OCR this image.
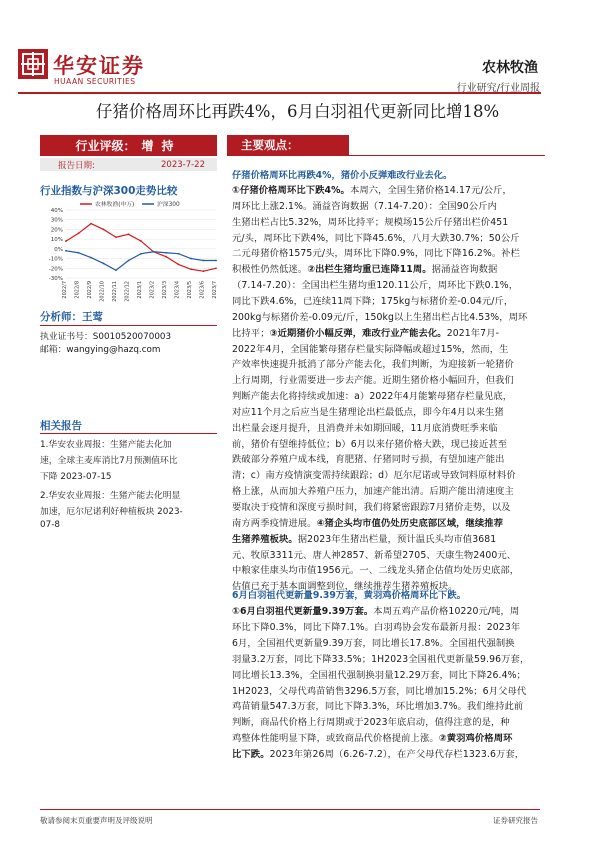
华安证券
HUAAN SECURITIES
农林牧渔
行业研究/行业周报
仔猪价格周环比再跌4%，6月白羽祖代更新同比增18%
行业评级： 增持
报告日期:	2023-7-22
行业指数与沪深300走势比较
40%
30%
20%
10%
0%
-10%
-20%
-30%
2022/7 2022/8 2022/9 2022/10 2022/11 2022/12 2023/1 2023/2 2023/3 2023/4 2023/5 2023/6 2023/7
农林牧渔(申万)	沪深300
分析师：王莺
执业证书号：S0010520070003
邮箱：wangying@hazq.com
相关报告
1.华安农业周报：生猪产能去化加
速，全球主麦库消比7月预测值环比
下降 2023-07-15
2.华安农业周报：生猪产能去化明显
加速，厄尔尼诺利好种植板块 2023-
07-8
主要观点：
仔猪价格周环比再跌4%，猪价小反弹难改行业去化。
①仔猪价格周环比下跌4%。本周六，全国生猪价格14.17元/公斤，
周环比上涨2.1%。涌益咨询数据（7.14-7.20）：全国90公斤内
生猪出栏占比5.32%，周环比持平；规模场15公斤仔猪出栏价451
元/头，周环比下跌4%，同比下降45.6%，八月大跌30.7%；50公斤
二元母猪价格1575元/头，周环比下降0.9%，同比下降16.2%。补栏
积极性仍然低迷。②出栏生猪均重已连降11周。据涌益咨询数据
（7.14-7.20）：全国出栏生猪均重120.11公斤，周环比下跌0.1%，
同比下跌4.6%，已连续11周下降；175kg与标猪价差-0.04元/斤，
200kg与标猪价差-0.09元/斤，150kg以上生猪出栏占比4.53%，周环
比持平；③近期猪价小幅反弹，难改行业产能去化。2021年7月-
2022年4月，全国能繁母猪存栏量实际降幅或超过15%，然而，生
产效率快速提升抵消了部分产能去化，我们判断，为迎接新一轮猪价
上行周期，行业需要进一步去产能。近期生猪价格小幅回升，但我们
判断产能去化将持续或加速：a）2022年4月能繁母猪存栏量见底，
对应11个月之后应当是生猪理论出栏最低点，即今年4月以来生猪
出栏量会逐月提升，且消费并未如期回暖，11月底消费旺季来临
前，猪价有望维持低位；b）6月以来仔猪价格大跌，现已接近甚至
跌破部分养殖户成本线，育肥猪、仔猪同时亏损，有望加速产能出
清；c）南方疫情演变需持续跟踪；d）厄尔尼诺或导致饲料原材料价
格上涨，从而加大养殖户压力，加速产能出清。后期产能出清速度主
要取决于疫情和深度亏损时间，我们将紧密跟踪7月猪价走势，以及
南方两季疫情进展。④猪企头均市值仍处历史底部区域，继续推荐
生猪养殖板块。据2023年生猪出栏量，预计温氏头均市值3681
元、牧原3311元、唐人神2857、新希望2705、天康生物2400元、
中粮家佳康头均市值1956元。一、二线龙头猪企估值均处历史底部，
估值已充于基本面调整到位，继续推荐生猪养殖板块。
6月白羽祖代更新量9.39万套，黄羽鸡价格周环比下跌。
①6月白羽祖代更新量9.39万套。本周五鸡产品价格10220元/吨，周
环比下降0.3%，同比下降7.1%。白羽鸡协会发布最新月报：2023年
6月，全国祖代更新量9.39万套，同比增长17.8%。全国祖代强制换
羽量3.2万套，同比下降33.5%；1H2023全国祖代更新量59.96万套，
同比增长13.3%，全国祖代强制换羽量12.29万套，同比下降26.4%；
1H2023，父母代鸡苗销售3296.5万套，同比增加15.2%；6月父母代
鸡苗销量547.3万套，同比下降3.3%，环比增加3.7%。我们维持此前
判断，商品代价格上行周期或于2023年底启动，值得注意的是，种
鸡整体性能明显下降，或致商品代价格提前上涨。②黄羽鸡价格周环
比下跌。2023年第26周（6.26-7.2），在产父母代存栏1323.6万套，
敬请参阅末页重要声明及评级说明	证券研究报告
